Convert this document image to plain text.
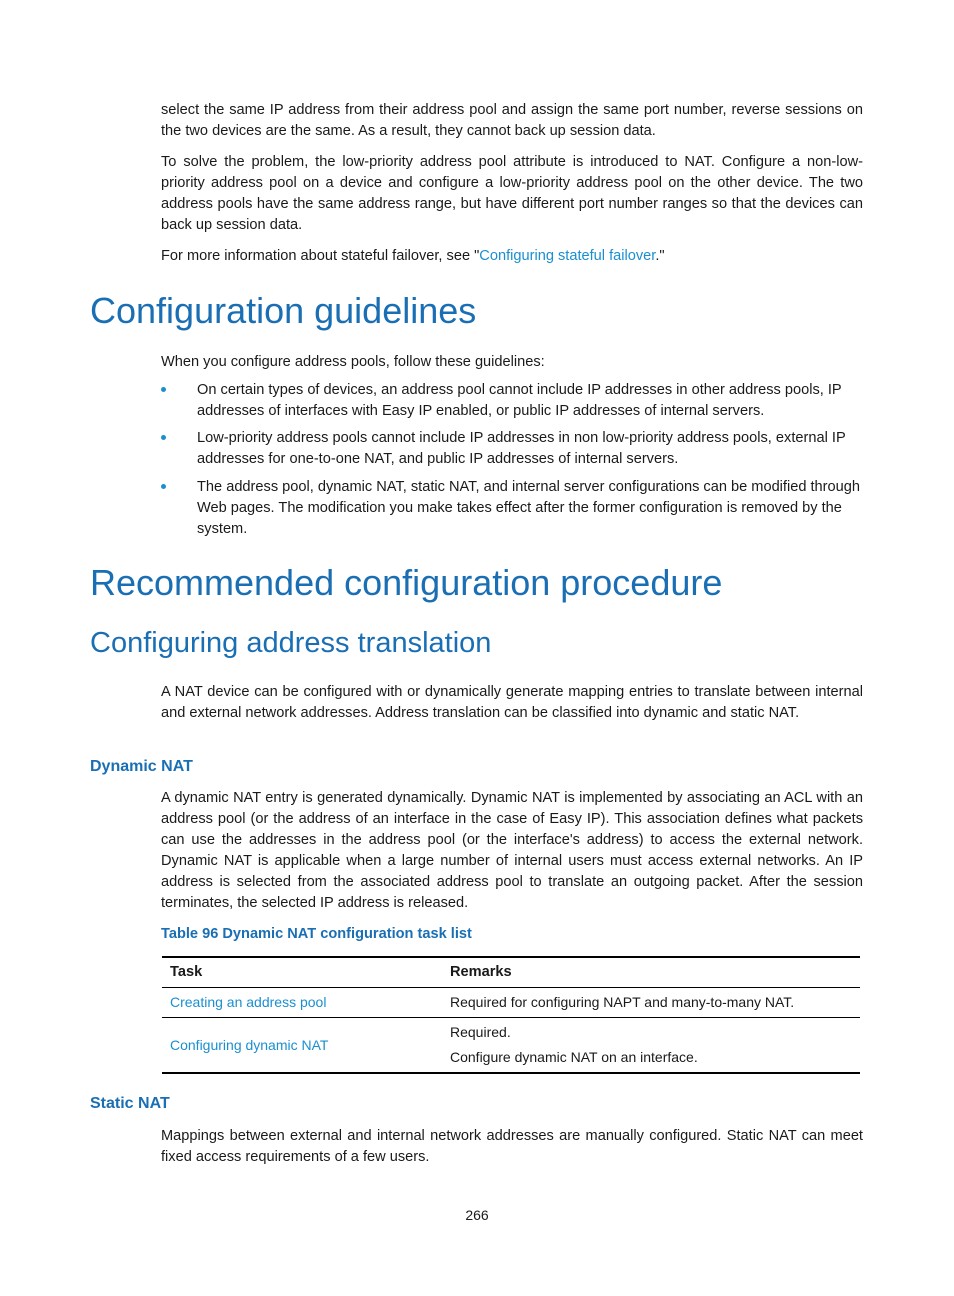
select the same IP address from their address pool and assign the same port number, reverse sessions on the two devices are the same. As a result, they cannot back up session data.

To solve the problem, the low-priority address pool attribute is introduced to NAT. Configure a non-low-priority address pool on a device and configure a low-priority address pool on the other device. The two address pools have the same address range, but have different port number ranges so that the devices can back up session data.

For more information about stateful failover, see "Configuring stateful failover."

Configuration guidelines

When you configure address pools, follow these guidelines:

On certain types of devices, an address pool cannot include IP addresses in other address pools, IP addresses of interfaces with Easy IP enabled, or public IP addresses of internal servers.

Low-priority address pools cannot include IP addresses in non low-priority address pools, external IP addresses for one-to-one NAT, and public IP addresses of internal servers.

The address pool, dynamic NAT, static NAT, and internal server configurations can be modified through Web pages. The modification you make takes effect after the former configuration is removed by the system.

Recommended configuration procedure
Configuring address translation

A NAT device can be configured with or dynamically generate mapping entries to translate between internal and external network addresses. Address translation can be classified into dynamic and static NAT.

Dynamic NAT

A dynamic NAT entry is generated dynamically. Dynamic NAT is implemented by associating an ACL with an address pool (or the address of an interface in the case of Easy IP). This association defines what packets can use the addresses in the address pool (or the interface's address) to access the external network. Dynamic NAT is applicable when a large number of internal users must access external networks. An IP address is selected from the associated address pool to translate an outgoing packet. After the session terminates, the selected IP address is released.

Table 96 Dynamic NAT configuration task list
Task	Remarks
Creating an address pool	Required for configuring NAPT and many-to-many NAT.

Configuring dynamic NAT	Required.
Configure dynamic NAT on an interface.
Static NAT

Mappings between external and internal network addresses are manually configured. Static NAT can meet fixed access requirements of a few users.

266
